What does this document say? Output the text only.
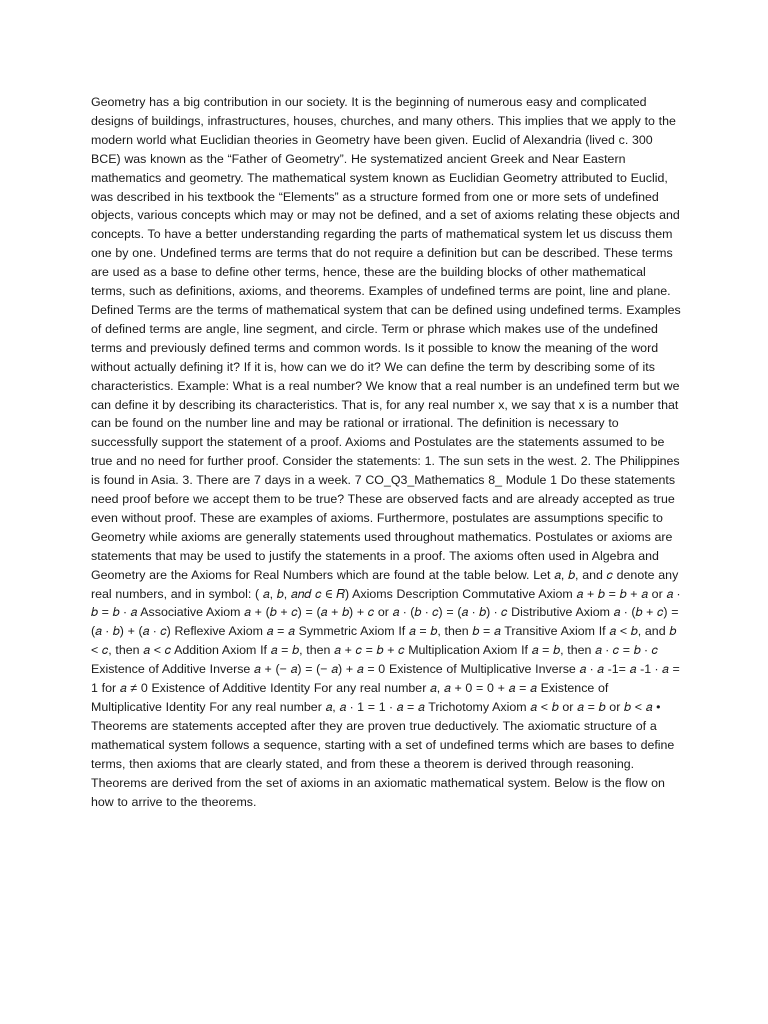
Geometry has a big contribution in our society. It is the beginning of numerous easy and complicated designs of buildings, infrastructures, houses, churches, and many others. This implies that we apply to the modern world what Euclidian theories in Geometry have been given. Euclid of Alexandria (lived c. 300 BCE) was known as the “Father of Geometry”. He systematized ancient Greek and Near Eastern mathematics and geometry. The mathematical system known as Euclidian Geometry attributed to Euclid, was described in his textbook the “Elements” as a structure formed from one or more sets of undefined objects, various concepts which may or may not be defined, and a set of axioms relating these objects and concepts. To have a better understanding regarding the parts of mathematical system let us discuss them one by one. Undefined terms are terms that do not require a definition but can be described. These terms are used as a base to define other terms, hence, these are the building blocks of other mathematical terms, such as definitions, axioms, and theorems. Examples of undefined terms are point, line and plane. Defined Terms are the terms of mathematical system that can be defined using undefined terms. Examples of defined terms are angle, line segment, and circle. Term or phrase which makes use of the undefined terms and previously defined terms and common words. Is it possible to know the meaning of the word without actually defining it? If it is, how can we do it? We can define the term by describing some of its characteristics. Example: What is a real number? We know that a real number is an undefined term but we can define it by describing its characteristics. That is, for any real number x, we say that x is a number that can be found on the number line and may be rational or irrational. The definition is necessary to successfully support the statement of a proof. Axioms and Postulates are the statements assumed to be true and no need for further proof. Consider the statements: 1. The sun sets in the west. 2. The Philippines is found in Asia. 3. There are 7 days in a week. 7 CO_Q3_Mathematics 8_ Module 1 Do these statements need proof before we accept them to be true? These are observed facts and are already accepted as true even without proof. These are examples of axioms. Furthermore, postulates are assumptions specific to Geometry while axioms are generally statements used throughout mathematics. Postulates or axioms are statements that may be used to justify the statements in a proof. The axioms often used in Algebra and Geometry are the Axioms for Real Numbers which are found at the table below. Let 𝑎, 𝑏, and 𝑐 denote any real numbers, and in symbol: ( 𝑎, 𝑏, 𝑎𝑛𝑑 𝑐 ∈ 𝑅) Axioms Description Commutative Axiom 𝑎 + 𝑏 = 𝑏 + 𝑎 or 𝑎 ∙ 𝑏 = 𝑏 ∙ 𝑎 Associative Axiom 𝑎 + (𝑏 + 𝑐) = (𝑎 + 𝑏) + 𝑐 or 𝑎 ∙ (𝑏 ∙ 𝑐) = (𝑎 ∙ 𝑏) ∙ 𝑐 Distributive Axiom 𝑎 ∙ (𝑏 + 𝑐) = (𝑎 ∙ 𝑏) + (𝑎 ∙ 𝑐) Reflexive Axiom 𝑎 = 𝑎 Symmetric Axiom If 𝑎 = 𝑏, then 𝑏 = 𝑎 Transitive Axiom If 𝑎 < 𝑏, and 𝑏 < 𝑐, then 𝑎 < 𝑐 Addition Axiom If 𝑎 = 𝑏, then 𝑎 + 𝑐 = 𝑏 + 𝑐 Multiplication Axiom If 𝑎 = 𝑏, then 𝑎 ∙ 𝑐 = 𝑏 ∙ 𝑐 Existence of Additive Inverse 𝑎 + (− 𝑎) = (− 𝑎) + 𝑎 = 0 Existence of Multiplicative Inverse 𝑎 ∙ 𝑎 -1= 𝑎 -1 ∙ 𝑎 = 1 for 𝑎 ≠ 0 Existence of Additive Identity For any real number 𝑎, 𝑎 + 0 = 0 + 𝑎 = 𝑎 Existence of Multiplicative Identity For any real number 𝑎, 𝑎 ∙ 1 = 1 ∙ 𝑎 = 𝑎 Trichotomy Axiom 𝑎 < 𝑏 or 𝑎 = 𝑏 or 𝑏 < 𝑎 • Theorems are statements accepted after they are proven true deductively. The axiomatic structure of a mathematical system follows a sequence, starting with a set of undefined terms which are bases to define terms, then axioms that are clearly stated, and from these a theorem is derived through reasoning. Theorems are derived from the set of axioms in an axiomatic mathematical system. Below is the flow on how to arrive to the theorems.
